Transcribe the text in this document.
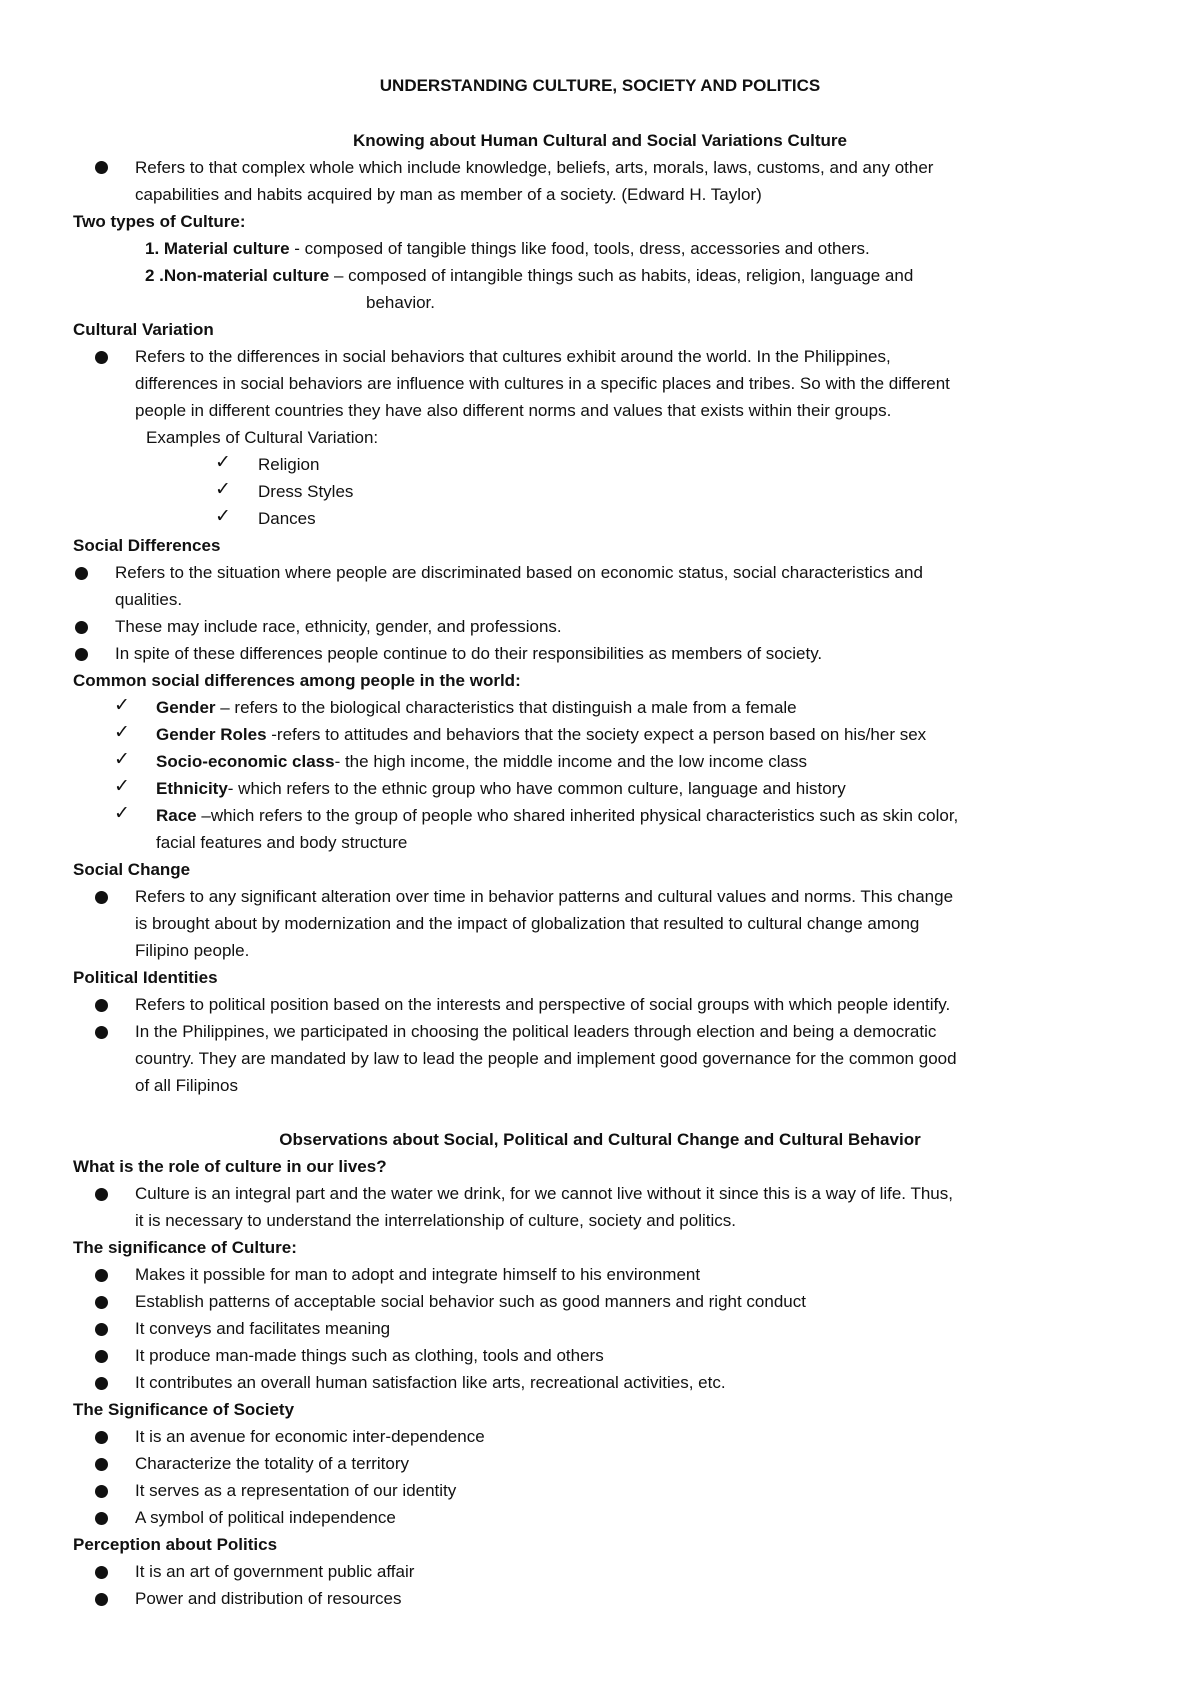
UNDERSTANDING CULTURE, SOCIETY AND POLITICS
Knowing about Human Cultural and Social Variations Culture
Refers to that complex whole which include knowledge, beliefs, arts, morals, laws, customs, and any other
capabilities and habits acquired by man as member of a society. (Edward H. Taylor)
Two types of Culture:
1. Material culture - composed of tangible things like food, tools, dress, accessories and others.
2 .Non-material culture – composed of intangible things such as habits, ideas, religion, language and
behavior.
Cultural Variation
Refers to the differences in social behaviors that cultures exhibit around the world. In the Philippines,
differences in social behaviors are influence with cultures in a specific places and tribes. So with the different
people in different countries they have also different norms and values that exists within their groups.
Examples of Cultural Variation:
✓ Religion
✓ Dress Styles
✓ Dances
Social Differences
Refers to the situation where people are discriminated based on economic status, social characteristics and
qualities.
These may include race, ethnicity, gender, and professions.
In spite of these differences people continue to do their responsibilities as members of society.
Common social differences among people in the world:
✓ Gender – refers to the biological characteristics that distinguish a male from a female
✓ Gender Roles -refers to attitudes and behaviors that the society expect a person based on his/her sex
✓ Socio-economic class- the high income, the middle income and the low income class
✓ Ethnicity- which refers to the ethnic group who have common culture, language and history
✓ Race –which refers to the group of people who shared inherited physical characteristics such as skin color,
facial features and body structure
Social Change
Refers to any significant alteration over time in behavior patterns and cultural values and norms. This change
is brought about by modernization and the impact of globalization that resulted to cultural change among
Filipino people.
Political Identities
Refers to political position based on the interests and perspective of social groups with which people identify.
In the Philippines, we participated in choosing the political leaders through election and being a democratic
country. They are mandated by law to lead the people and implement good governance for the common good
of all Filipinos
Observations about Social, Political and Cultural Change and Cultural Behavior
What is the role of culture in our lives?
Culture is an integral part and the water we drink, for we cannot live without it since this is a way of life. Thus,
it is necessary to understand the interrelationship of culture, society and politics.
The significance of Culture:
Makes it possible for man to adopt and integrate himself to his environment
Establish patterns of acceptable social behavior such as good manners and right conduct
It conveys and facilitates meaning
It produce man-made things such as clothing, tools and others
It contributes an overall human satisfaction like arts, recreational activities, etc.
The Significance of Society
It is an avenue for economic inter-dependence
Characterize the totality of a territory
It serves as a representation of our identity
A symbol of political independence
Perception about Politics
It is an art of government public affair
Power and distribution of resources
